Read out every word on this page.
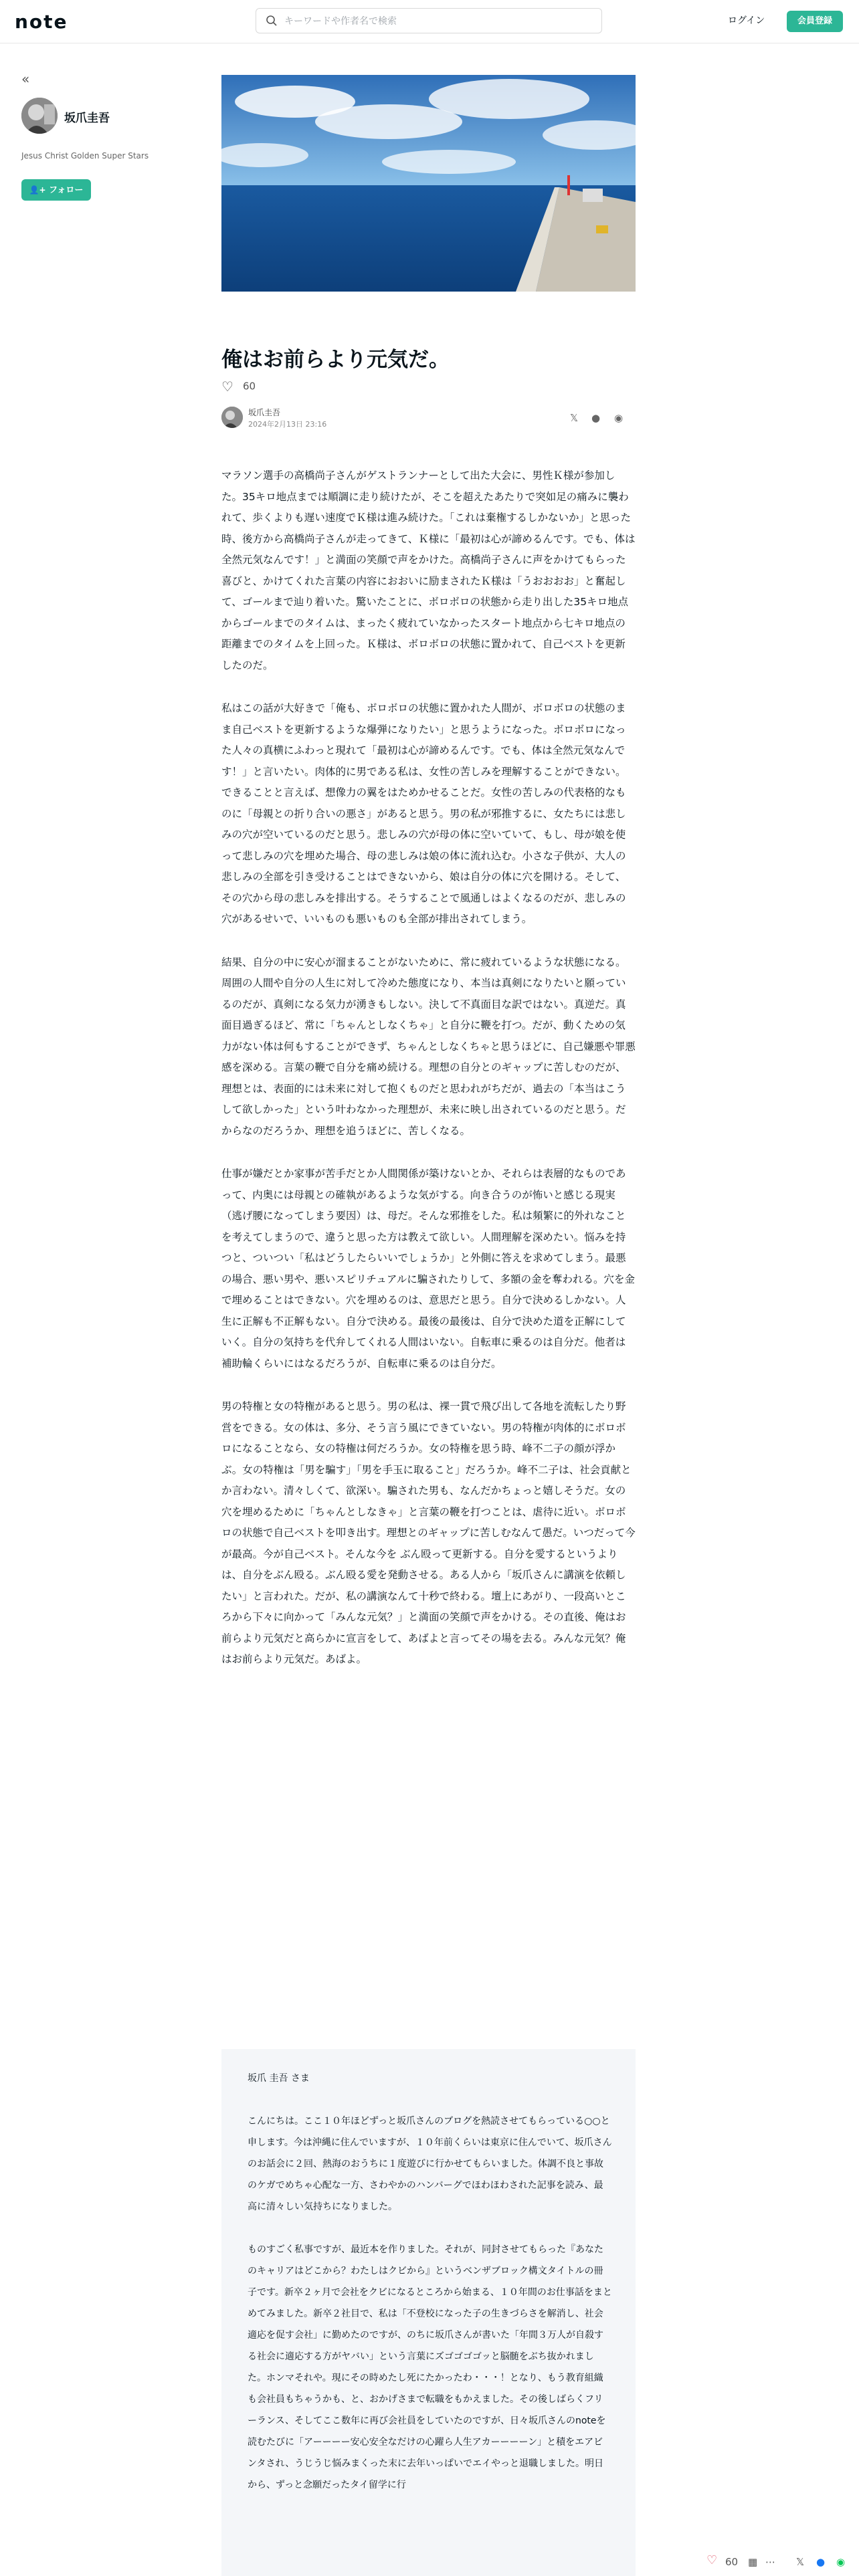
note
キーワードや作者名で検索	ログイン	会員登録
«
坂爪圭吾
Jesus Christ Golden Super Stars
👤+ フォロー
俺はお前らより元気だ。
♡ 60
坂爪圭吾
2024年2月13日 23:16
𝕏 ● ◉

マラソン選手の高橋尚子さんがゲストランナーとして出た大会に、男性Ｋ様が参加した。35キロ地点までは順調に走り続けたが、そこを超えたあたりで突如足の痛みに襲われて、歩くよりも遅い速度でＫ様は進み続けた。「これは棄権するしかないか」と思った時、後方から高橋尚子さんが走ってきて、Ｋ様に「最初は心が諦めるんです。でも、体は全然元気なんです！」と満面の笑顔で声をかけた。高橋尚子さんに声をかけてもらった喜びと、かけてくれた言葉の内容におおいに励まされたＫ様は「うおおおお」と奮起して、ゴールまで辿り着いた。驚いたことに、ボロボロの状態から走り出した35キロ地点からゴールまでのタイムは、まったく疲れていなかったスタート地点から七キロ地点の距離までのタイムを上回った。Ｋ様は、ボロボロの状態に置かれて、自己ベストを更新したのだ。

私はこの話が大好きで「俺も、ボロボロの状態に置かれた人間が、ボロボロの状態のまま自己ベストを更新するような爆弾になりたい」と思うようになった。ボロボロになった人々の真横にふわっと現れて「最初は心が諦めるんです。でも、体は全然元気なんです！」と言いたい。肉体的に男である私は、女性の苦しみを理解することができない。できることと言えば、想像力の翼をはためかせることだ。女性の苦しみの代表格的なものに「母親との折り合いの悪さ」があると思う。男の私が邪推するに、女たちには悲しみの穴が空いているのだと思う。悲しみの穴が母の体に空いていて、もし、母が娘を使って悲しみの穴を埋めた場合、母の悲しみは娘の体に流れ込む。小さな子供が、大人の悲しみの全部を引き受けることはできないから、娘は自分の体に穴を開ける。そして、その穴から母の悲しみを排出する。そうすることで風通しはよくなるのだが、悲しみの穴があるせいで、いいものも悪いものも全部が排出されてしまう。

結果、自分の中に安心が溜まることがないために、常に疲れているような状態になる。周囲の人間や自分の人生に対して冷めた態度になり、本当は真剣になりたいと願っているのだが、真剣になる気力が湧きもしない。決して不真面目な訳ではない。真逆だ。真面目過ぎるほど、常に「ちゃんとしなくちゃ」と自分に鞭を打つ。だが、動くための気力がない体は何もすることができず、ちゃんとしなくちゃと思うほどに、自己嫌悪や罪悪感を深める。言葉の鞭で自分を痛め続ける。理想の自分とのギャップに苦しむのだが、理想とは、表面的には未来に対して抱くものだと思われがちだが、過去の「本当はこうして欲しかった」という叶わなかった理想が、未来に映し出されているのだと思う。だからなのだろうか、理想を追うほどに、苦しくなる。

仕事が嫌だとか家事が苦手だとか人間関係が築けないとか、それらは表層的なものであって、内奥には母親との確執があるような気がする。向き合うのが怖いと感じる現実（逃げ腰になってしまう要因）は、母だ。そんな邪推をした。私は頻繁に的外れなことを考えてしまうので、違うと思った方は教えて欲しい。人間理解を深めたい。悩みを持つと、ついつい「私はどうしたらいいでしょうか」と外側に答えを求めてしまう。最悪の場合、悪い男や、悪いスピリチュアルに騙されたりして、多額の金を奪われる。穴を金で埋めることはできない。穴を埋めるのは、意思だと思う。自分で決めるしかない。人生に正解も不正解もない。自分で決める。最後の最後は、自分で決めた道を正解にしていく。自分の気持ちを代弁してくれる人間はいない。自転車に乗るのは自分だ。他者は補助輪くらいにはなるだろうが、自転車に乗るのは自分だ。

男の特権と女の特権があると思う。男の私は、裸一貫で飛び出して各地を流転したり野営をできる。女の体は、多分、そう言う風にできていない。男の特権が肉体的にボロボロになることなら、女の特権は何だろうか。女の特権を思う時、峰不二子の顔が浮かぶ。女の特権は「男を騙す」「男を手玉に取ること」だろうか。峰不二子は、社会貢献とか言わない。清々しくて、欲深い。騙された男も、なんだかちょっと嬉しそうだ。女の穴を埋めるために「ちゃんとしなきゃ」と言葉の鞭を打つことは、虐待に近い。ボロボロの状態で自己ベストを叩き出す。理想とのギャップに苦しむなんて愚だ。いつだって今が最高。今が自己ベスト。そんな今を ぶん殴って更新する。自分を愛するというよりは、自分をぶん殴る。ぶん殴る愛を発動させる。ある人から「坂爪さんに講演を依頼したい」と言われた。だが、私の講演なんて十秒で終わる。壇上にあがり、一段高いところから下々に向かって「みんな元気？」と満面の笑顔で声をかける。その直後、俺はお前らより元気だと高らかに宣言をして、あばよと言ってその場を去る。みんな元気？俺はお前らより元気だ。あばよ。

坂爪 圭吾 さま

こんにちは。ここ１０年ほどずっと坂爪さんのブログを熱読させてもらっている○○と申します。今は沖縄に住んでいますが、１０年前くらいは東京に住んでいて、坂爪さんのお話会に２回、熱海のおうちに１度遊びに行かせてもらいました。体調不良と事故のケガでめちゃ心配な一方、さわやかのハンバーグでほわほわされた記事を読み、最高に清々しい気持ちになりました。

ものすごく私事ですが、最近本を作りました。それが、同封させてもらった『あなたのキャリアはどこから？わたしはクビから』というベンザブロック構文タイトルの冊子です。新卒２ヶ月で会社をクビになるところから始まる、１０年間のお仕事話をまとめてみました。新卒２社目で、私は「不登校になった子の生きづらさを解消し、社会適応を促す会社」に勤めたのですが、のちに坂爪さんが書いた「年間３万人が自殺する社会に適応する方がヤバい」という言葉にズゴゴゴゴッと脳髄をぶち抜かれました。ホンマそれや。現にその時めたし死にたかったわ・・・！となり、もう教育組織も会社員もちゃうかも、と、おかげさまで転職をもかえました。その後しばらくフリーランス、そしてここ数年に再び会社員をしていたのですが、日々坂爪さんのnoteを読むたびに「アーーーー安心安全なだけの心躍ら人生アカーーーーン」と積をエアビンタされ、うじうじ悩みまくった末に去年いっぱいでエイやっと退職しました。明日から、ずっと念願だったタイ留学に行

♡ 60 ▦ ⋯ 𝕏 ● ◉
